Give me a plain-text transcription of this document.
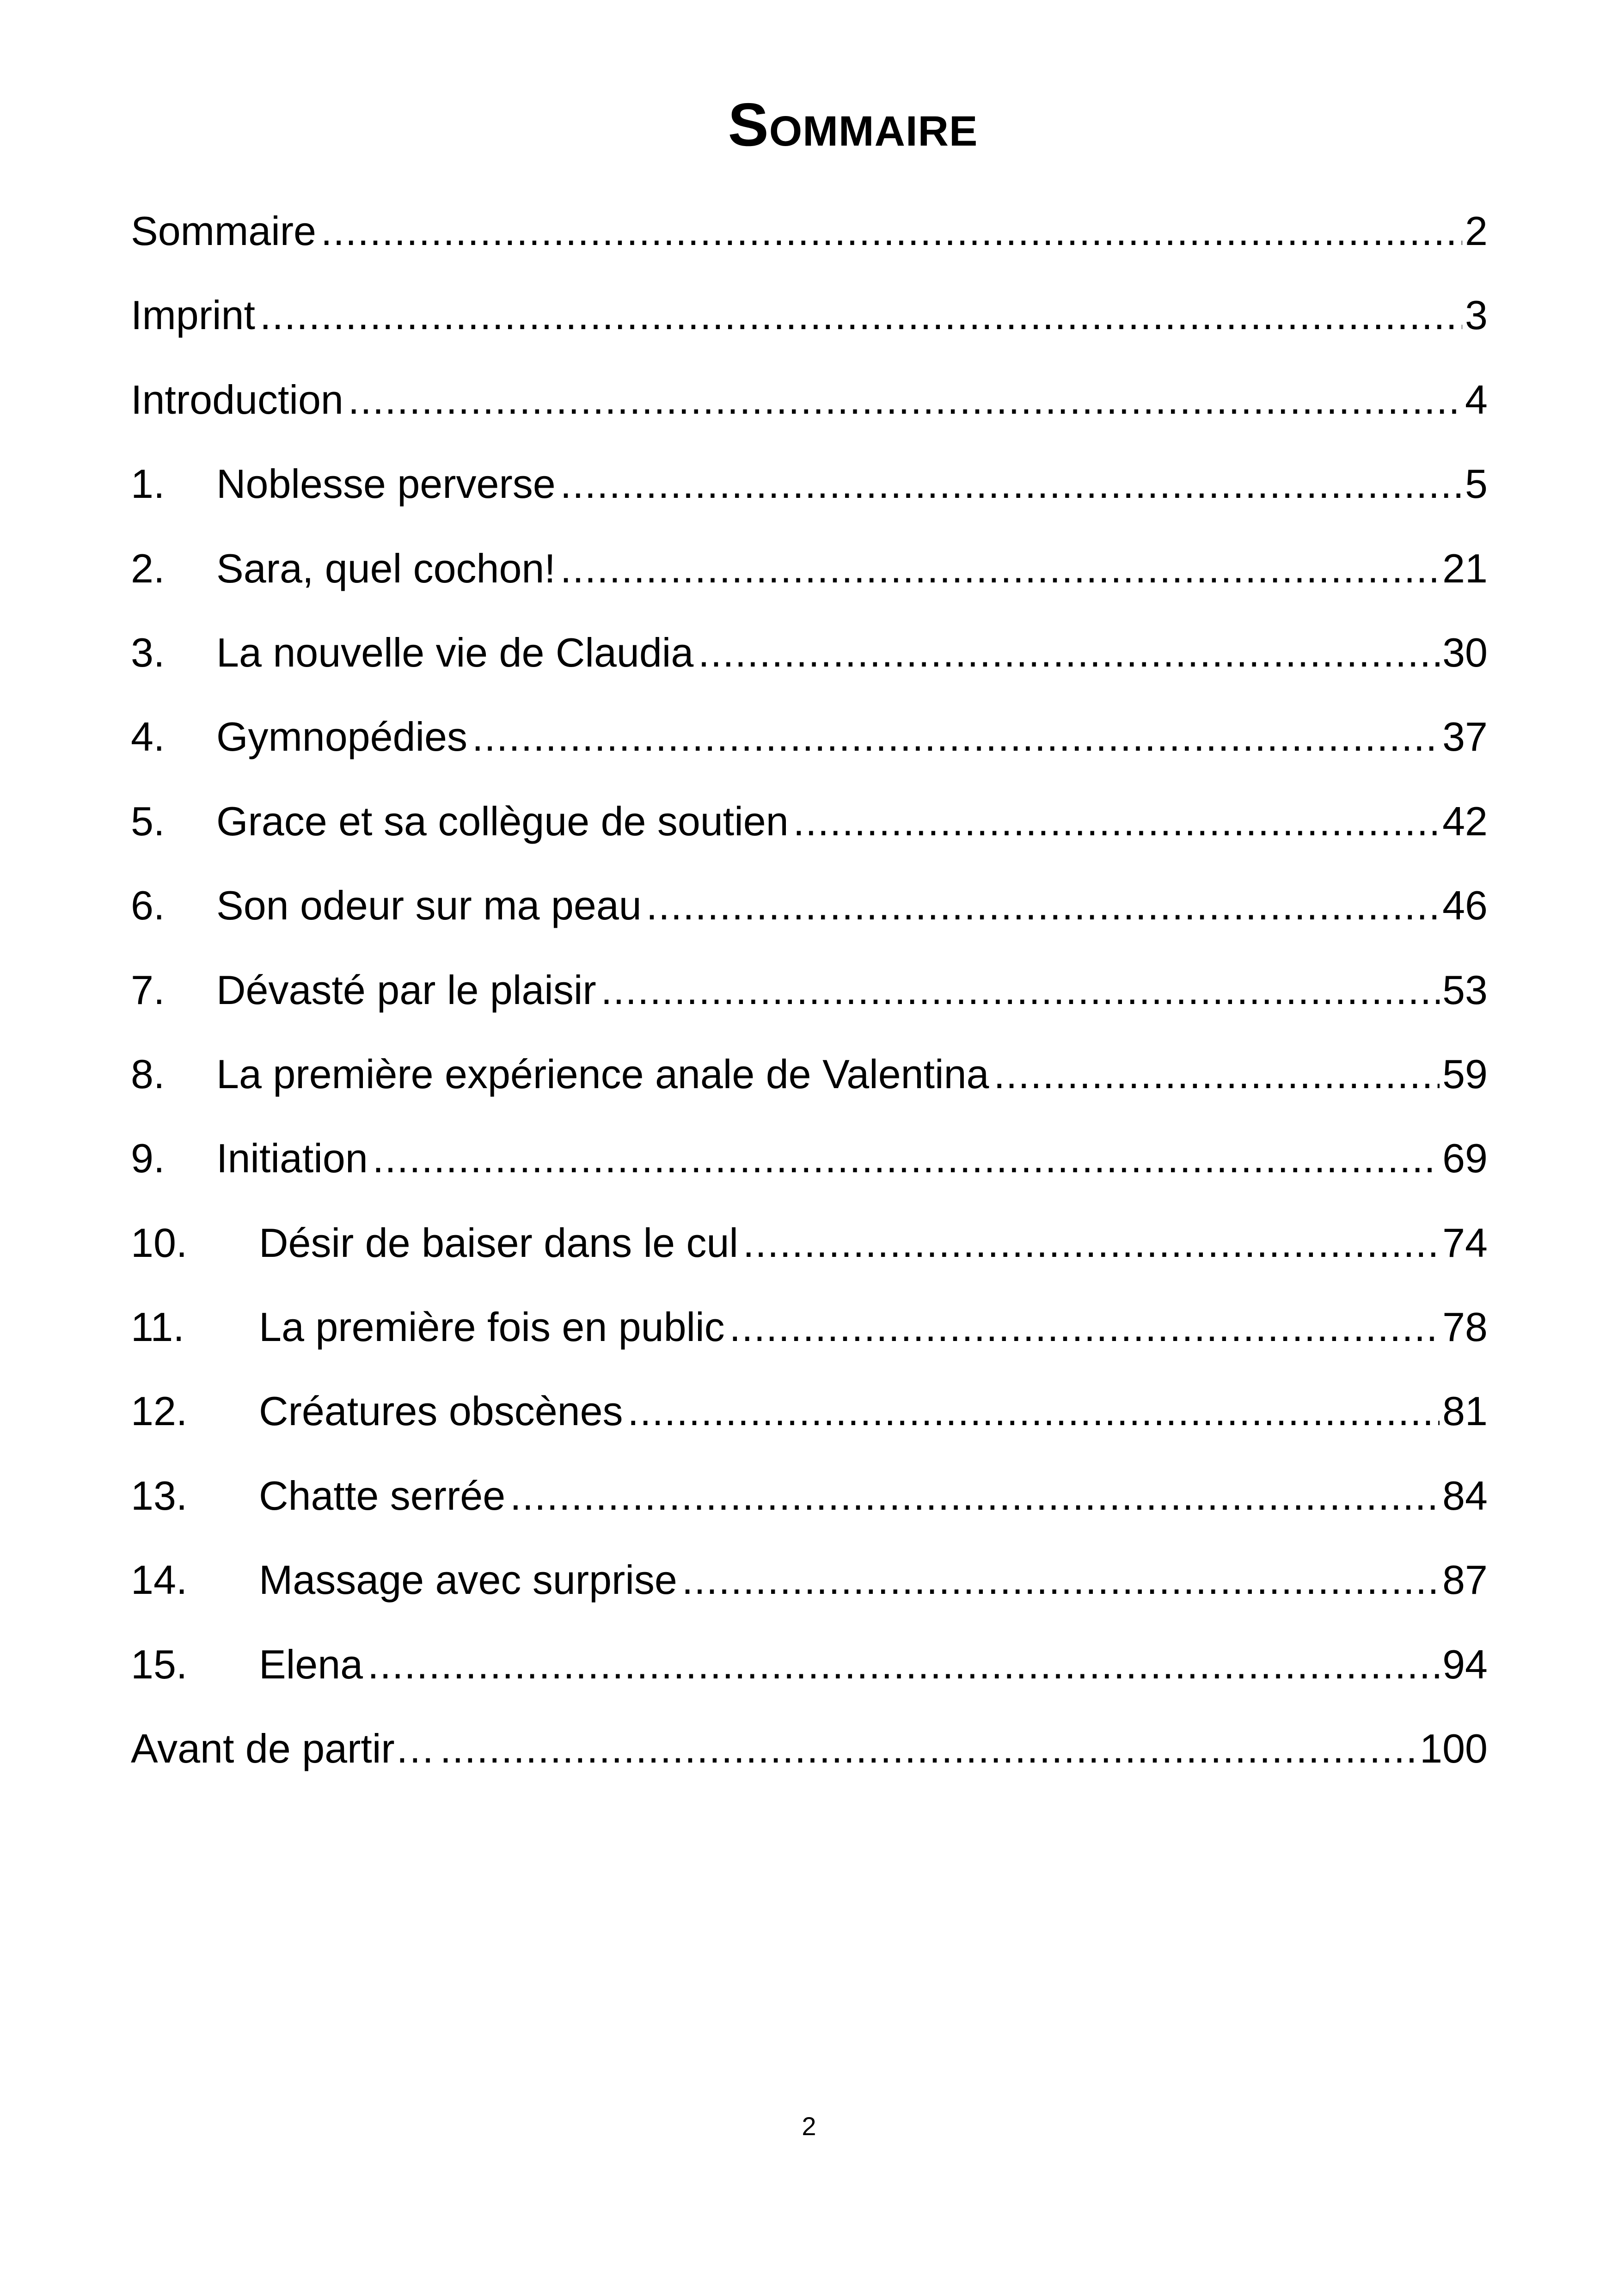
Sommaire
Sommaire .....	2
Imprint .....	3
Introduction .....	4
1.	Noblesse perverse .....	5
2.	Sara, quel cochon! .....	21
3.	La nouvelle vie de Claudia .....	30
4.	Gymnopédies .....	37
5.	Grace et sa collègue de soutien .....	42
6.	Son odeur sur ma peau .....	46
7.	Dévasté par le plaisir .....	53
8.	La première expérience anale de Valentina .....	59
9.	Initiation .....	69
10.	Désir de baiser dans le cul .....	74
11.	La première fois en public .....	78
12.	Créatures obscènes .....	81
13.	Chatte serrée .....	84
14.	Massage avec surprise .....	87
15.	Elena .....	94
Avant de partir… .....	100
2
